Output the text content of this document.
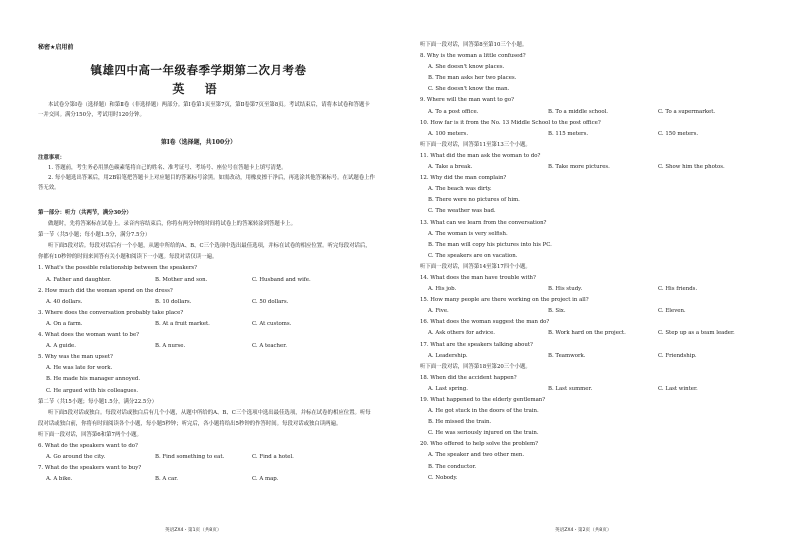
秘密★启用前
镇雄四中高一年级春季学期第二次月考卷
英 语
本试卷分第Ⅰ卷（选择题）和第Ⅱ卷（非选择题）两部分。第Ⅰ卷第1页至第7页，第Ⅱ卷第7页至第8页。考试结束后，请将本试卷和答题卡一并交回。满分150分，考试用时120分钟。
第Ⅰ卷（选择题，共100分）
注意事项：
1. 答题前，考生务必用黑色碳素笔将自己的姓名、准考证号、考场号、座位号在答题卡上填写清楚。
2. 每小题选出答案后，用2B铅笔把答题卡上对应题目的答案标号涂黑。如需改动，用橡皮擦干净后，再选涂其他答案标号。在试题卷上作答无效。

第一部分：听力（共两节，满分30分）

做题时，先将答案标在试卷上。录音内容结束后，你将有两分钟的时间将试卷上的答案转涂到答题卡上。

第一节（共5小题；每小题1.5分，满分7.5分）

听下面5段对话。每段对话后有一个小题，从题中所给的A、B、C三个选项中选出最佳选项，并标在试卷的相应位置。听完每段对话后，你都有10秒钟的时间来回答有关小题和阅读下一小题。每段对话仅读一遍。

1. What's the possible relationship between the speakers?

A. Father and daughter.	B. Mother and son.	C. Husband and wife.

2. How much did the woman spend on the dress?

A. 40 dollars.	B. 10 dollars.	C. 50 dollars.

3. Where does the conversation probably take place?

A. On a farm.	B. At a fruit market.	C. At customs.

4. What does the woman want to be?

A. A guide.	B. A nurse.	C. A teacher.

5. Why was the man upset?

A. He was late for work.

B. He made his manager annoyed.

C. He argued with his colleagues.

第二节（共15小题；每小题1.5分，满分22.5分）

听下面5段对话或独白。每段对话或独白后有几个小题，从题中所给的A、B、C三个选项中选出最佳选项，并标在试卷的相应位置。听每段对话或独白前，你将有时间阅读各个小题，每小题5秒钟；听完后，各小题将给出5秒钟的作答时间。每段对话或独白读两遍。

听下面一段对话，回答第6和第7两个小题。

6. What do the speakers want to do?

A. Go around the city.	B. Find something to eat.	C. Find a hotel.

7. What do the speakers want to buy?

A. A bike.	B. A car.	C. A map.
英语ZX4・第1页（共8页）

听下面一段对话，回答第8至第10三个小题。

8. Why is the woman a little confused?

A. She doesn't know places.

B. The man asks her two places.

C. She doesn't know the man.

9. Where will the man want to go?

A. To a post office.	B. To a middle school.	C. To a supermarket.

10. How far is it from the No. 13 Middle School to the post office?

A. 100 meters.	B. 115 meters.	C. 150 meters.

听下面一段对话，回答第11至第13三个小题。

11. What did the man ask the woman to do?

A. Take a break.	B. Take more pictures.	C. Show him the photos.

12. Why did the man complain?

A. The beach was dirty.

B. There were no pictures of him.

C. The weather was bad.

13. What can we learn from the conversation?

A. The woman is very selfish.

B. The man will copy his pictures into his PC.

C. The speakers are on vacation.

听下面一段对话，回答第14至第17四个小题。

14. What does the man have trouble with?

A. His job.	B. His study.	C. His friends.

15. How many people are there working on the project in all?

A. Five.	B. Six.	C. Eleven.

16. What does the woman suggest the man do?

A. Ask others for advice.	B. Work hard on the project.	C. Step up as a team leader.

17. What are the speakers talking about?

A. Leadership.	B. Teamwork.	C. Friendship.

听下面一段对话，回答第18至第20三个小题。

18. When did the accident happen?

A. Last spring.	B. Last summer.	C. Last winter.

19. What happened to the elderly gentleman?

A. He got stuck in the doors of the train.

B. He missed the train.

C. He was seriously injured on the train.

20. Who offered to help solve the problem?

A. The speaker and two other men.

B. The conductor.

C. Nobody.

英语ZX4・第2页（共8页）
